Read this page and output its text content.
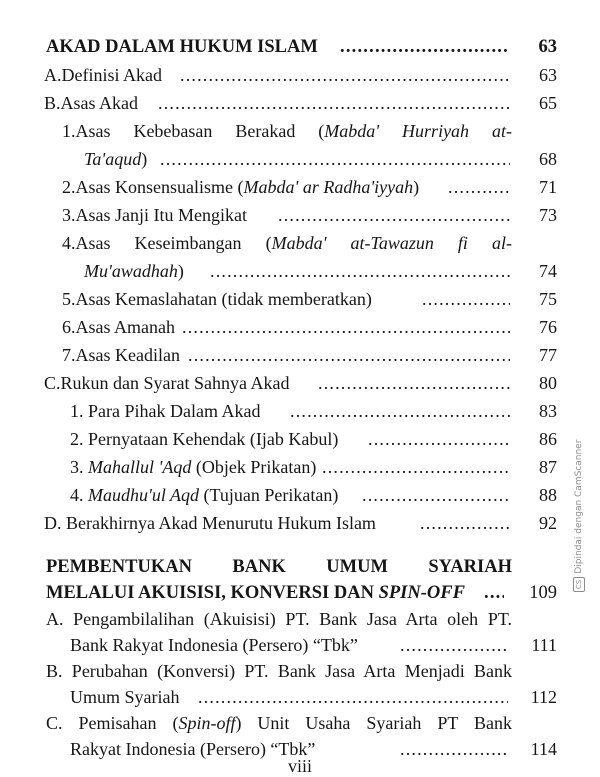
AKAD DALAM HUKUM ISLAM .....	63
A.Definisi Akad .....	63
B.Asas Akad .....	65
1.Asas Kebebasan Berakad (Mabda' Hurriyah at-
Ta'aqud) .....	68
2.Asas Konsensualisme (Mabda' ar Radha'iyyah) .....	71
3.Asas Janji Itu Mengikat .....	73
4.Asas Keseimbangan (Mabda' at-Tawazun fi al-
Mu'awadhah) .....	74
5.Asas Kemaslahatan (tidak memberatkan) .....	75
6.Asas Amanah .....	76
7.Asas Keadilan .....	77
C.Rukun dan Syarat Sahnya Akad .....	80
1. Para Pihak Dalam Akad .....	83
2. Pernyataan Kehendak (Ijab Kabul) .....	86
3. Mahallul 'Aqd (Objek Prikatan) .....	87
4. Maudhu'ul Aqd (Tujuan Perikatan) .....	88
D. Berakhirnya Akad Menurutu Hukum Islam .....	92
PEMBENTUKAN BANK UMUM SYARIAH
MELALUI AKUISISI, KONVERSI DAN SPIN-OFF .....	109
A. Pengambilalihan (Akuisisi) PT. Bank Jasa Arta oleh PT.
Bank Rakyat Indonesia (Persero) “Tbk” .....	111
B. Perubahan (Konversi) PT. Bank Jasa Arta Menjadi Bank
Umum Syariah .....	112
C. Pemisahan (Spin-off) Unit Usaha Syariah PT Bank
Rakyat Indonesia (Persero) “Tbk” .....	114
viii
CSDipindai dengan CamScanner
